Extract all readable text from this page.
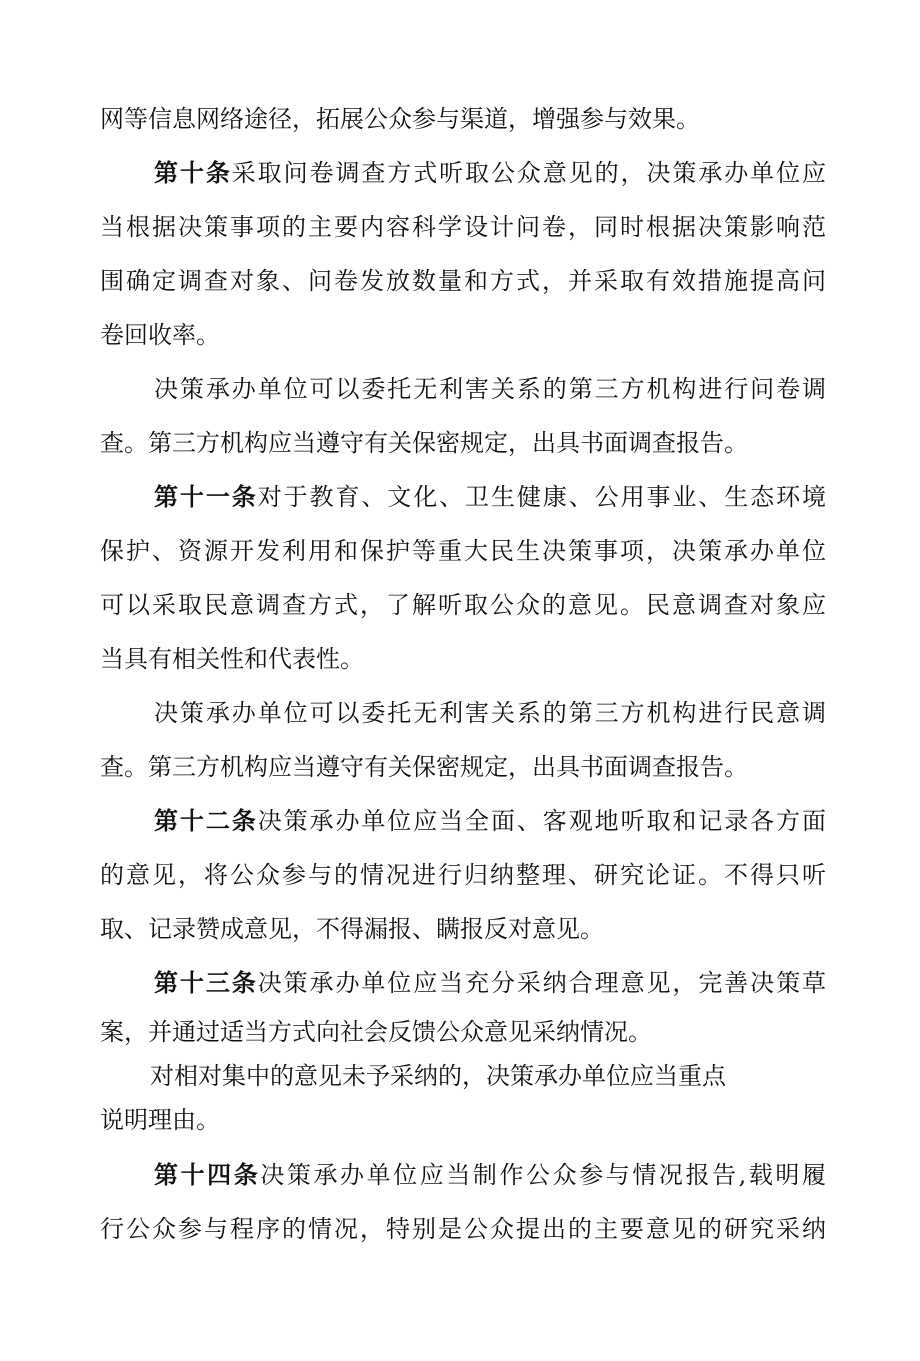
网等信息网络途径，拓展公众参与渠道，增强参与效果。
第十条采取问卷调查方式听取公众意见的，决策承办单位应
当根据决策事项的主要内容科学设计问卷，同时根据决策影响范
围确定调查对象、问卷发放数量和方式，并采取有效措施提高问
卷回收率。
决策承办单位可以委托无利害关系的第三方机构进行问卷调
查。第三方机构应当遵守有关保密规定，出具书面调查报告。
第十一条对于教育、文化、卫生健康、公用事业、生态环境
保护、资源开发利用和保护等重大民生决策事项，决策承办单位
可以采取民意调查方式，了解听取公众的意见。民意调查对象应
当具有相关性和代表性。
决策承办单位可以委托无利害关系的第三方机构进行民意调
查。第三方机构应当遵守有关保密规定，出具书面调查报告。
第十二条决策承办单位应当全面、客观地听取和记录各方面
的意见，将公众参与的情况进行归纳整理、研究论证。不得只听
取、记录赞成意见，不得漏报、瞒报反对意见。
第十三条决策承办单位应当充分采纳合理意见，完善决策草
案，并通过适当方式向社会反馈公众意见采纳情况。
对相对集中的意见未予采纳的，决策承办单位应当重点
说明理由。
第十四条决策承办单位应当制作公众参与情况报告,载明履
行公众参与程序的情况，特别是公众提出的主要意见的研究采纳
